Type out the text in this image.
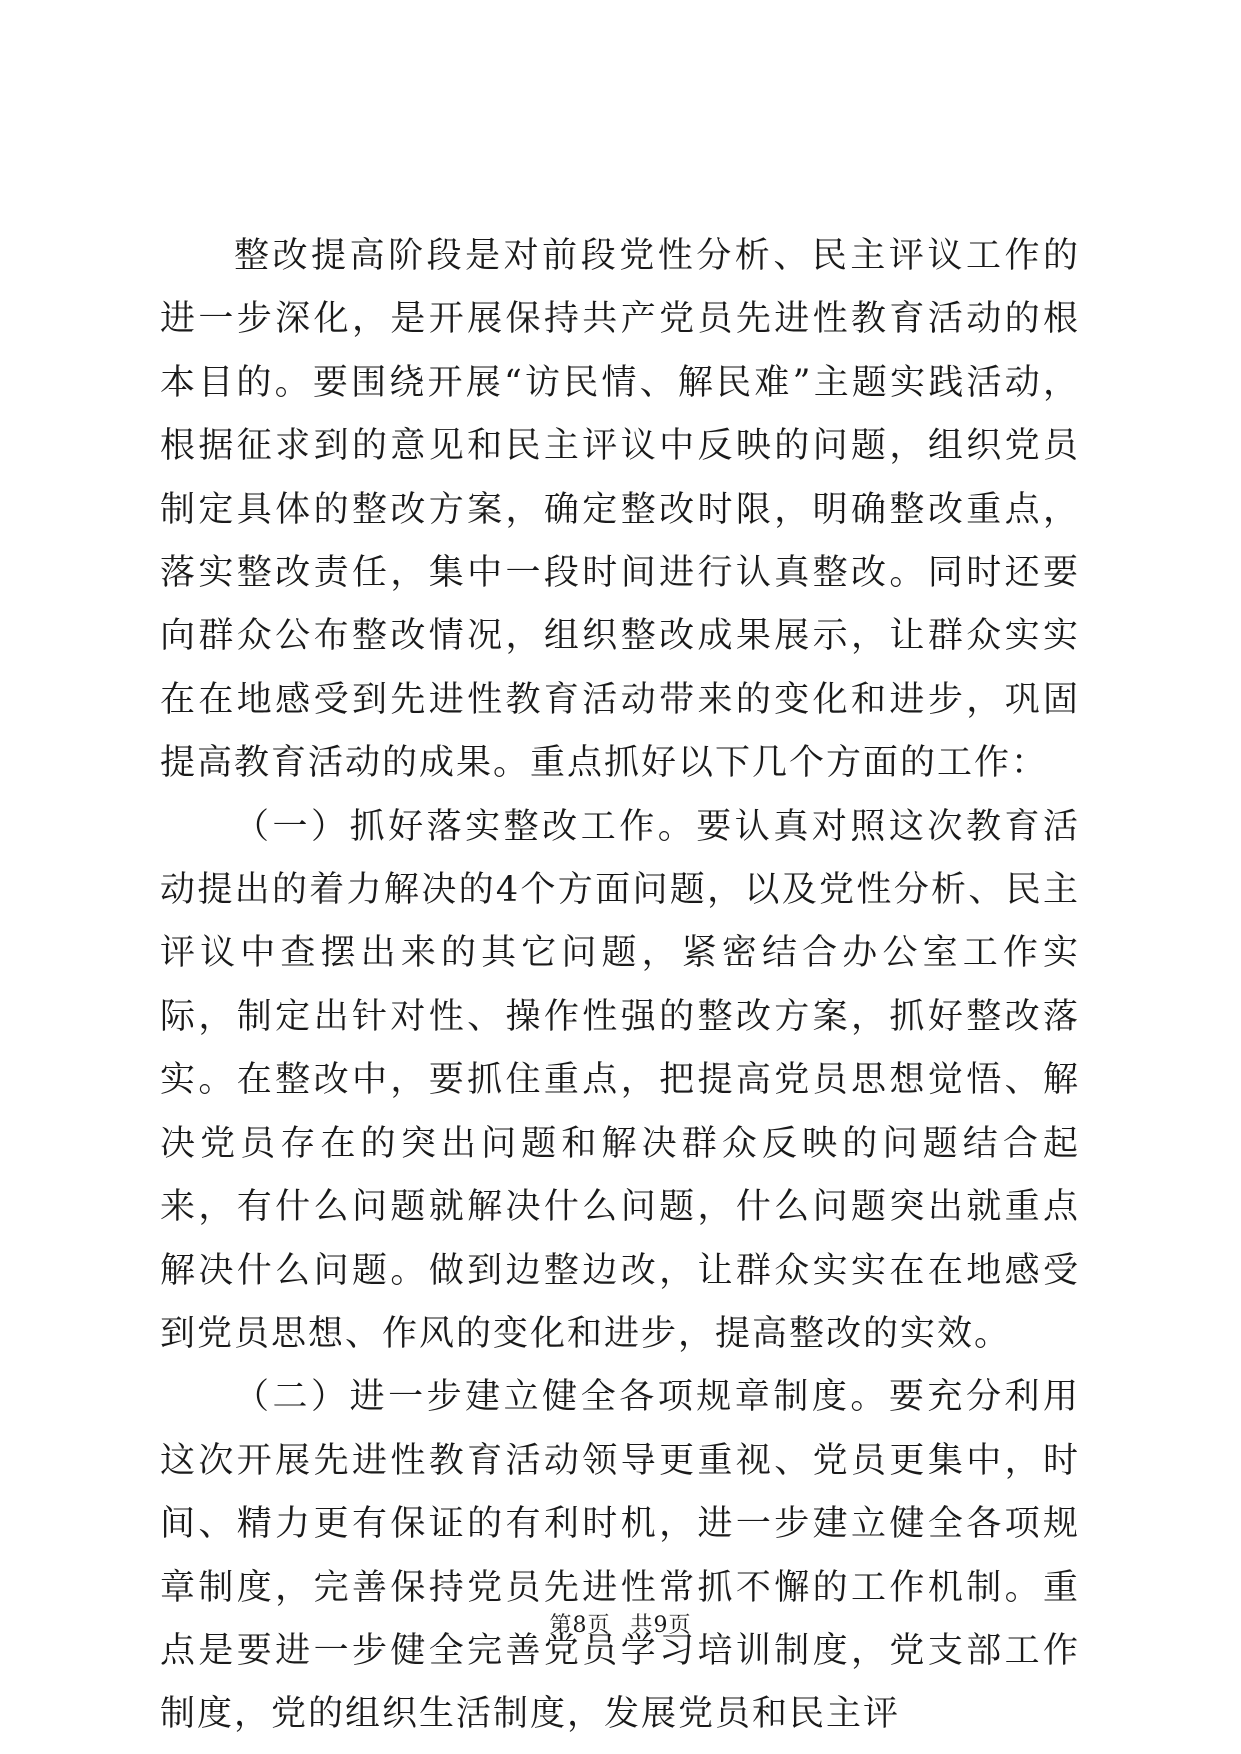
整改提高阶段是对前段党性分析、民主评议工作的进一步深化，是开展保持共产党员先进性教育活动的根本目的。要围绕开展“访民情、解民难”主题实践活动，根据征求到的意见和民主评议中反映的问题，组织党员制定具体的整改方案，确定整改时限，明确整改重点，落实整改责任，集中一段时间进行认真整改。同时还要向群众公布整改情况，组织整改成果展示，让群众实实在在地感受到先进性教育活动带来的变化和进步，巩固提高教育活动的成果。重点抓好以下几个方面的工作：

（一）抓好落实整改工作。要认真对照这次教育活动提出的着力解决的4个方面问题，以及党性分析、民主评议中查摆出来的其它问题，紧密结合办公室工作实际，制定出针对性、操作性强的整改方案，抓好整改落实。在整改中，要抓住重点，把提高党员思想觉悟、解决党员存在的突出问题和解决群众反映的问题结合起来，有什么问题就解决什么问题，什么问题突出就重点解决什么问题。做到边整边改，让群众实实在在地感受到党员思想、作风的变化和进步，提高整改的实效。

（二）进一步建立健全各项规章制度。要充分利用这次开展先进性教育活动领导更重视、党员更集中，时间、精力更有保证的有利时机，进一步建立健全各项规章制度，完善保持党员先进性常抓不懈的工作机制。重点是要进一步健全完善党员学习培训制度，党支部工作制度，党的组织生活制度，发展党员和民主评

第8页 共9页
